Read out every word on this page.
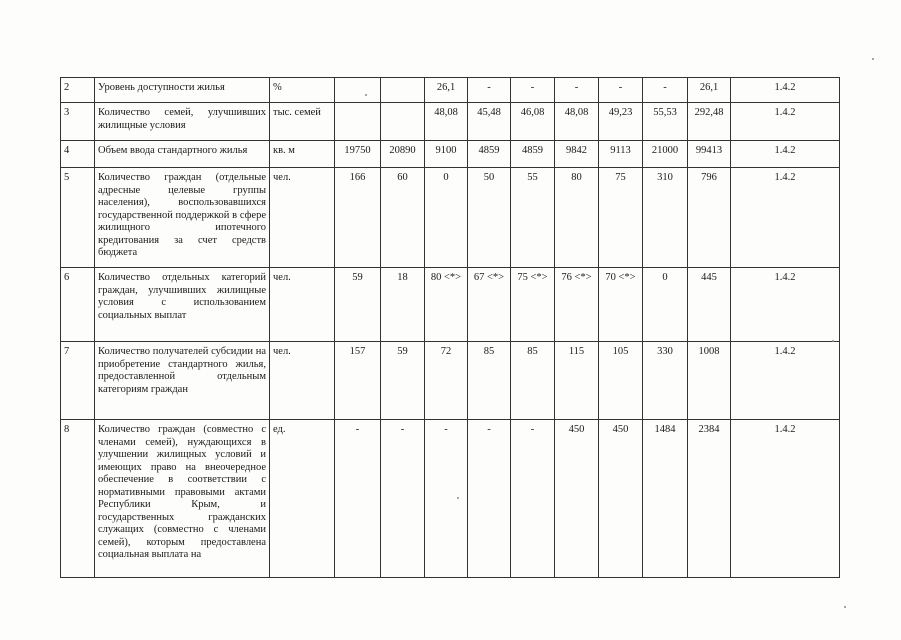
2	Уровень доступности жилья	%			26,1	-	-	-	-	-	26,1	1.4.2
3	Количество семей, улучшивших жилищные условия	тыс. семей			48,08	45,48	46,08	48,08	49,23	55,53	292,48	1.4.2
4	Объем ввода стандартного жилья	кв. м	19750	20890	9100	4859	4859	9842	9113	21000	99413	1.4.2
5	Количество граждан (отдельные адресные целевые группы населения), воспользовавшихся государственной поддержкой в сфере жилищного ипотечного кредитования за счет средств бюджета	чел.	166	60	0	50	55	80	75	310	796	1.4.2
6	Количество отдельных категорий граждан, улучшивших жилищные условия с использованием социальных выплат	чел.	59	18	80 <*>	67 <*>	75 <*>	76 <*>	70 <*>	0	445	1.4.2
7	Количество получателей субсидии на приобретение стандартного жилья, предоставленной отдельным категориям граждан	чел.	157	59	72	85	85	115	105	330	1008	1.4.2
8	Количество граждан (совместно с членами семей), нуждающихся в улучшении жилищных условий и имеющих право на внеочередное обеспечение в соответствии с нормативными правовыми актами Республики Крым, и государственных гражданских служащих (совместно с членами семей), которым предоставлена социальная выплата на	ед.	-	-	-	-	-	450	450	1484	2384	1.4.2
